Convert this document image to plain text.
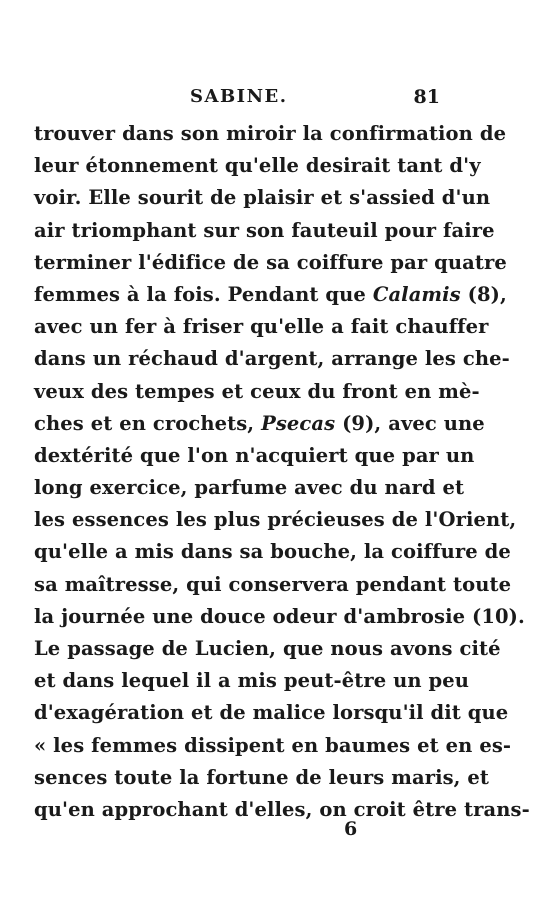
SABINE.	81
trouver dans son miroir la confirmation de
leur étonnement qu'elle desirait tant d'y
voir. Elle sourit de plaisir et s'assied d'un
air triomphant sur son fauteuil pour faire
terminer l'édifice de sa coiffure par quatre
femmes à la fois. Pendant que Calamis (8),
avec un fer à friser qu'elle a fait chauffer
dans un réchaud d'argent, arrange les che-
veux des tempes et ceux du front en mè-
ches et en crochets, Psecas (9), avec une
dextérité que l'on n'acquiert que par un
long exercice, parfume avec du nard et
les essences les plus précieuses de l'Orient,
qu'elle a mis dans sa bouche, la coiffure de
sa maîtresse, qui conservera pendant toute
la journée une douce odeur d'ambrosie (10).
Le passage de Lucien, que nous avons cité
et dans lequel il a mis peut-être un peu
d'exagération et de malice lorsqu'il dit que
« les femmes dissipent en baumes et en es-
sences toute la fortune de leurs maris, et
qu'en approchant d'elles, on croit être trans-
6
